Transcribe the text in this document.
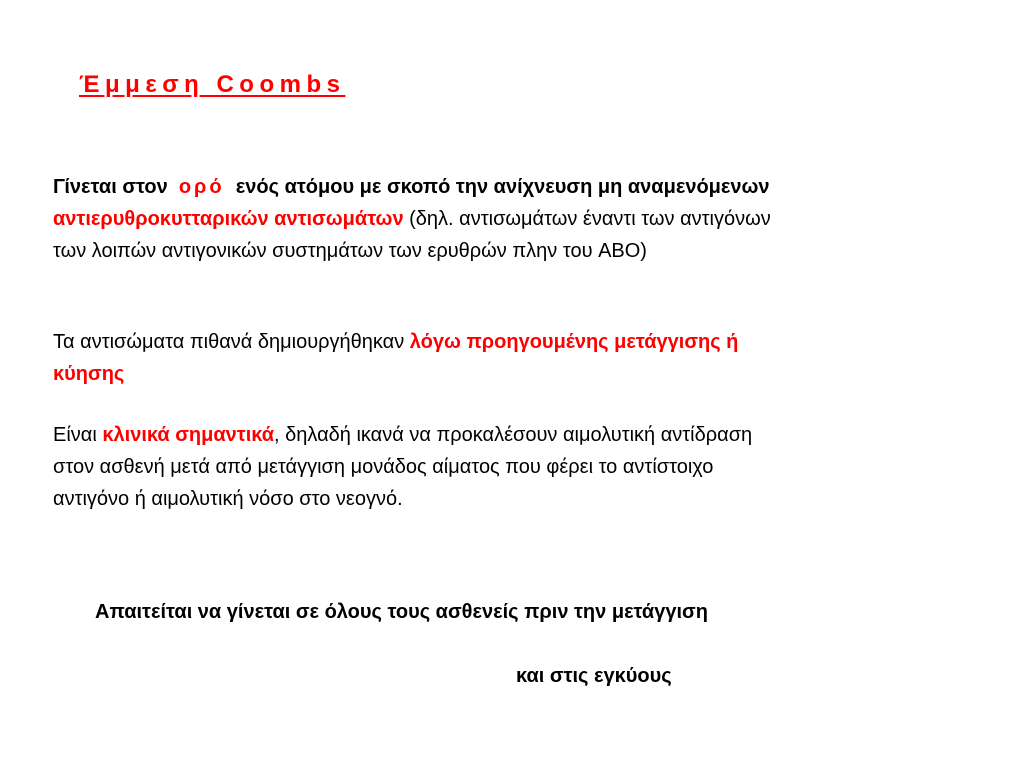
Έμμεση Coombs
Γίνεται στον ορό ενός ατόμου με σκοπό την ανίχνευση μη αναμενόμενων
αντιερυθροκυτταρικών αντισωμάτων (δηλ. αντισωμάτων έναντι των αντιγόνων
των λοιπών αντιγονικών συστημάτων των ερυθρών πλην του ABO)
Τα αντισώματα πιθανά δημιουργήθηκαν λόγω προηγουμένης μετάγγισης ή
κύησης
Είναι κλινικά σημαντικά, δηλαδή ικανά να προκαλέσουν αιμολυτική αντίδραση
στον ασθενή μετά από μετάγγιση μονάδος αίματος που φέρει το αντίστοιχο
αντιγόνο ή αιμολυτική νόσο στο νεογνό.
Απαιτείται να γίνεται σε όλους τους ασθενείς πριν την μετάγγιση
και στις εγκύους
